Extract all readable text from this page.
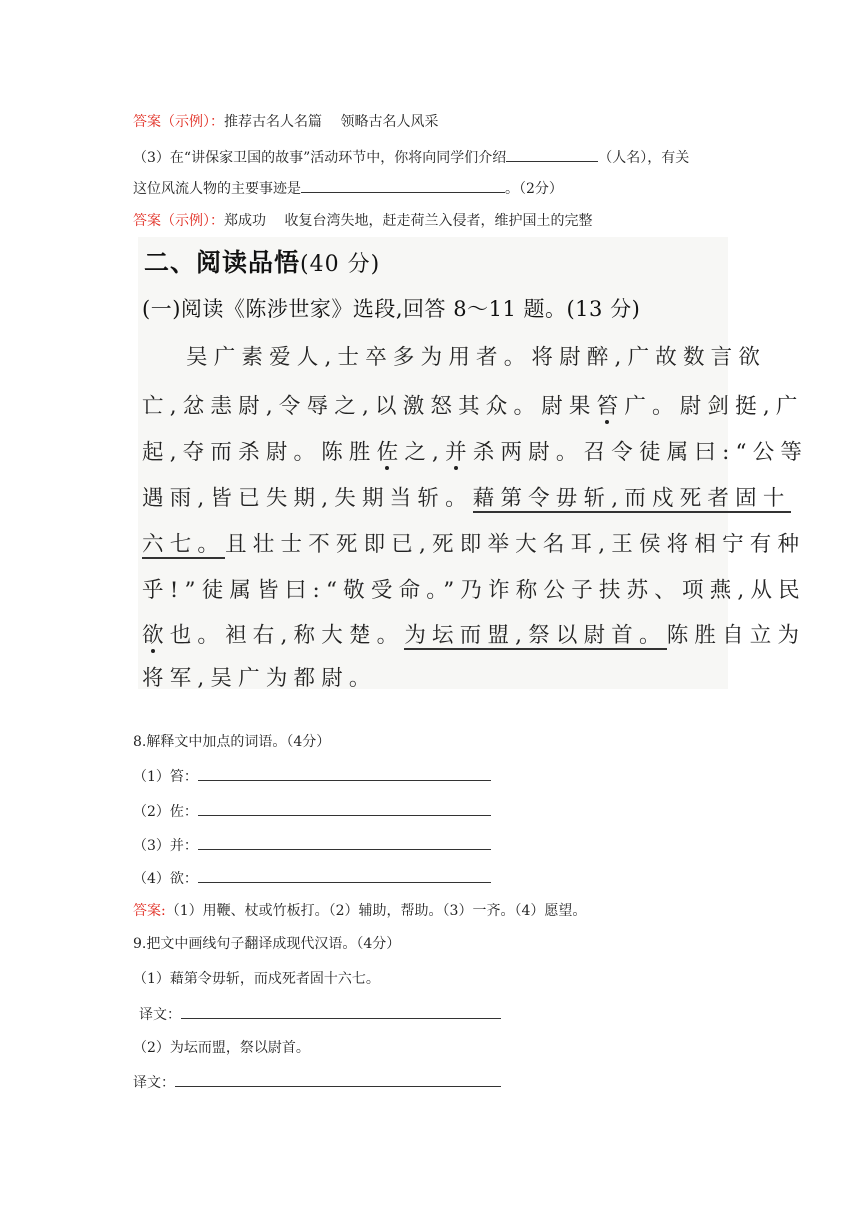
答案（示例）：推荐古名人名篇　 领略古名人风采
（3）在“讲保家卫国的故事”活动环节中，你将向同学们介绍	（人名），有关
这位风流人物的主要事迹是	。（2分）
答案（示例）：郑成功　 收复台湾失地，赶走荷兰入侵者，维护国土的完整
二、阅读品悟(40 分)
(一)阅读《陈涉世家》选段,回答 8～11 题。(13 分)
吴广素爱人,士卒多为用者。将尉醉,广故数言欲
亡,忿恚尉,令辱之,以激怒其众。尉果笞广。尉剑挺,广
起,夺而杀尉。陈胜佐之,并杀两尉。召令徒属曰:“公等
遇雨,皆已失期,失期当斩。藉第令毋斩,而戍死者固十
六七。且壮士不死即已,死即举大名耳,王侯将相宁有种
乎!”徒属皆曰:“敬受命。”乃诈称公子扶苏、项燕,从民
欲也。袒右,称大楚。为坛而盟,祭以尉首。陈胜自立为
将军,吴广为都尉。
8.解释文中加点的词语。（4分）
（1）笞：
（2）佐：
（3）并：
（4）欲：
答案:（1）用鞭、杖或竹板打。（2）辅助，帮助。（3）一齐。（4）愿望。
9.把文中画线句子翻译成现代汉语。（4分）
（1）藉第令毋斩，而戍死者固十六七。
译文：
（2）为坛而盟，祭以尉首。
译文：
